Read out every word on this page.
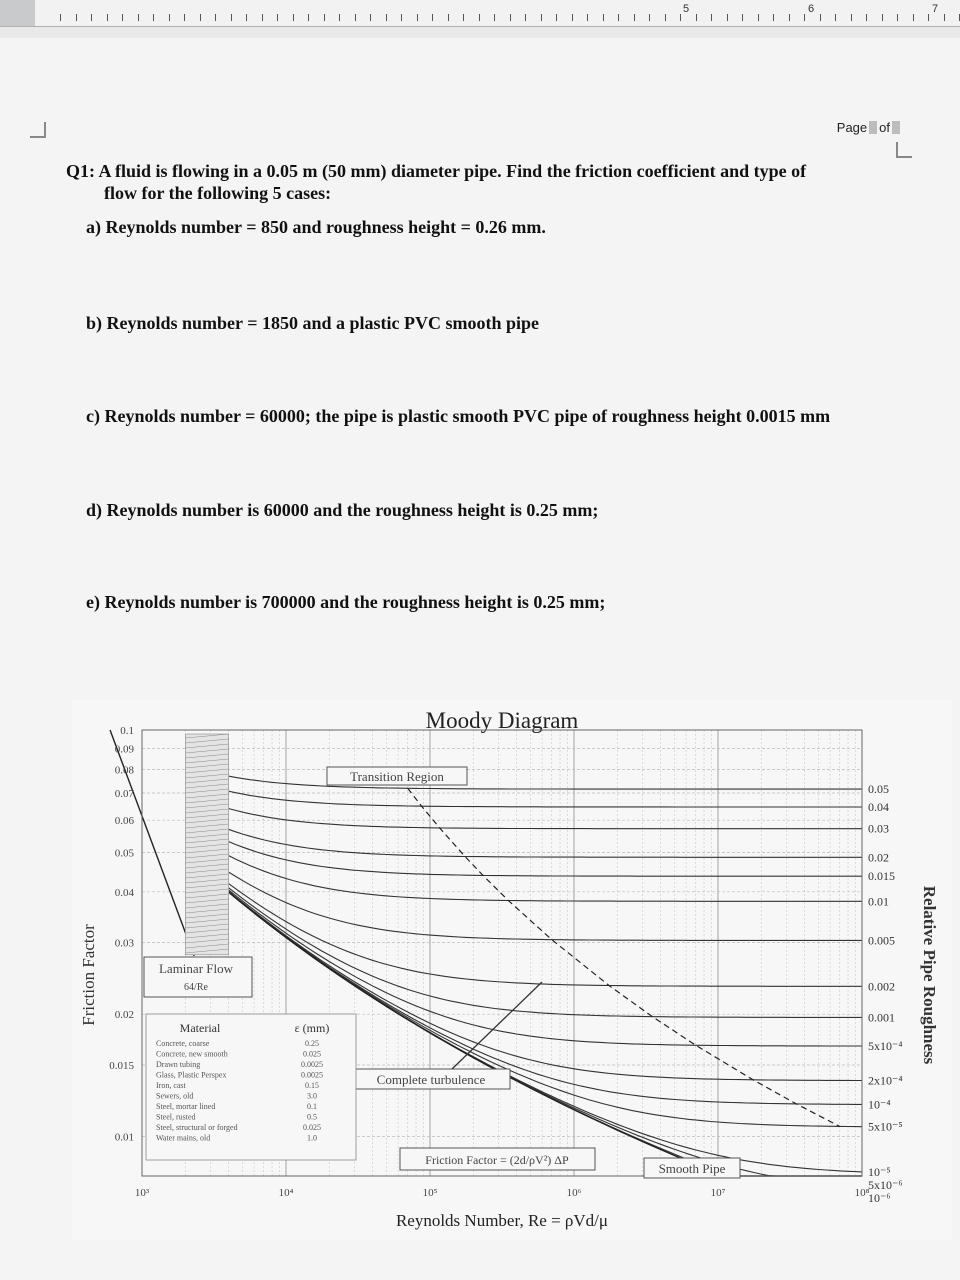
5	6	7
Page of
Q1: A fluid is flowing in a 0.05 m (50 mm) diameter pipe. Find the friction coefficient and type of
flow for the following 5 cases:
a) Reynolds number = 850 and roughness height = 0.26 mm.
b) Reynolds number = 1850 and a plastic PVC smooth pipe
c) Reynolds number = 60000; the pipe is plastic smooth PVC pipe of roughness height 0.0015 mm
d) Reynolds number is 60000 and the roughness height is 0.25 mm;
e) Reynolds number is 700000 and the roughness height is 0.25 mm;
Moody Diagram
0.1
0.09
0.08
0.07
0.06
0.05
0.04
0.03
0.02
0.015
0.01
10³	10⁴	10⁵	10⁶	10⁷	10⁸
0.05
0.04
0.03
0.02
0.015
0.01
0.005
0.002
0.001
5x10⁻⁴
2x10⁻⁴
10⁻⁴
5x10⁻⁵
10⁻⁵
5x10⁻⁶
10⁻⁶
Friction Factor	Relative Pipe Roughness
Reynolds Number, Re = ρVd/μ
Transition Region
Laminar Flow
64/Re
Complete turbulence
Friction Factor = (2d/ρV²) ΔP
Smooth Pipe
Material	ε (mm)
Concrete, coarse	0.25
Concrete, new smooth	0.025
Drawn tubing	0.0025
Glass, Plastic Perspex	0.0025
Iron, cast	0.15
Sewers, old	3.0
Steel, mortar lined	0.1
Steel, rusted	0.5
Steel, structural or forged	0.025
Water mains, old	1.0
